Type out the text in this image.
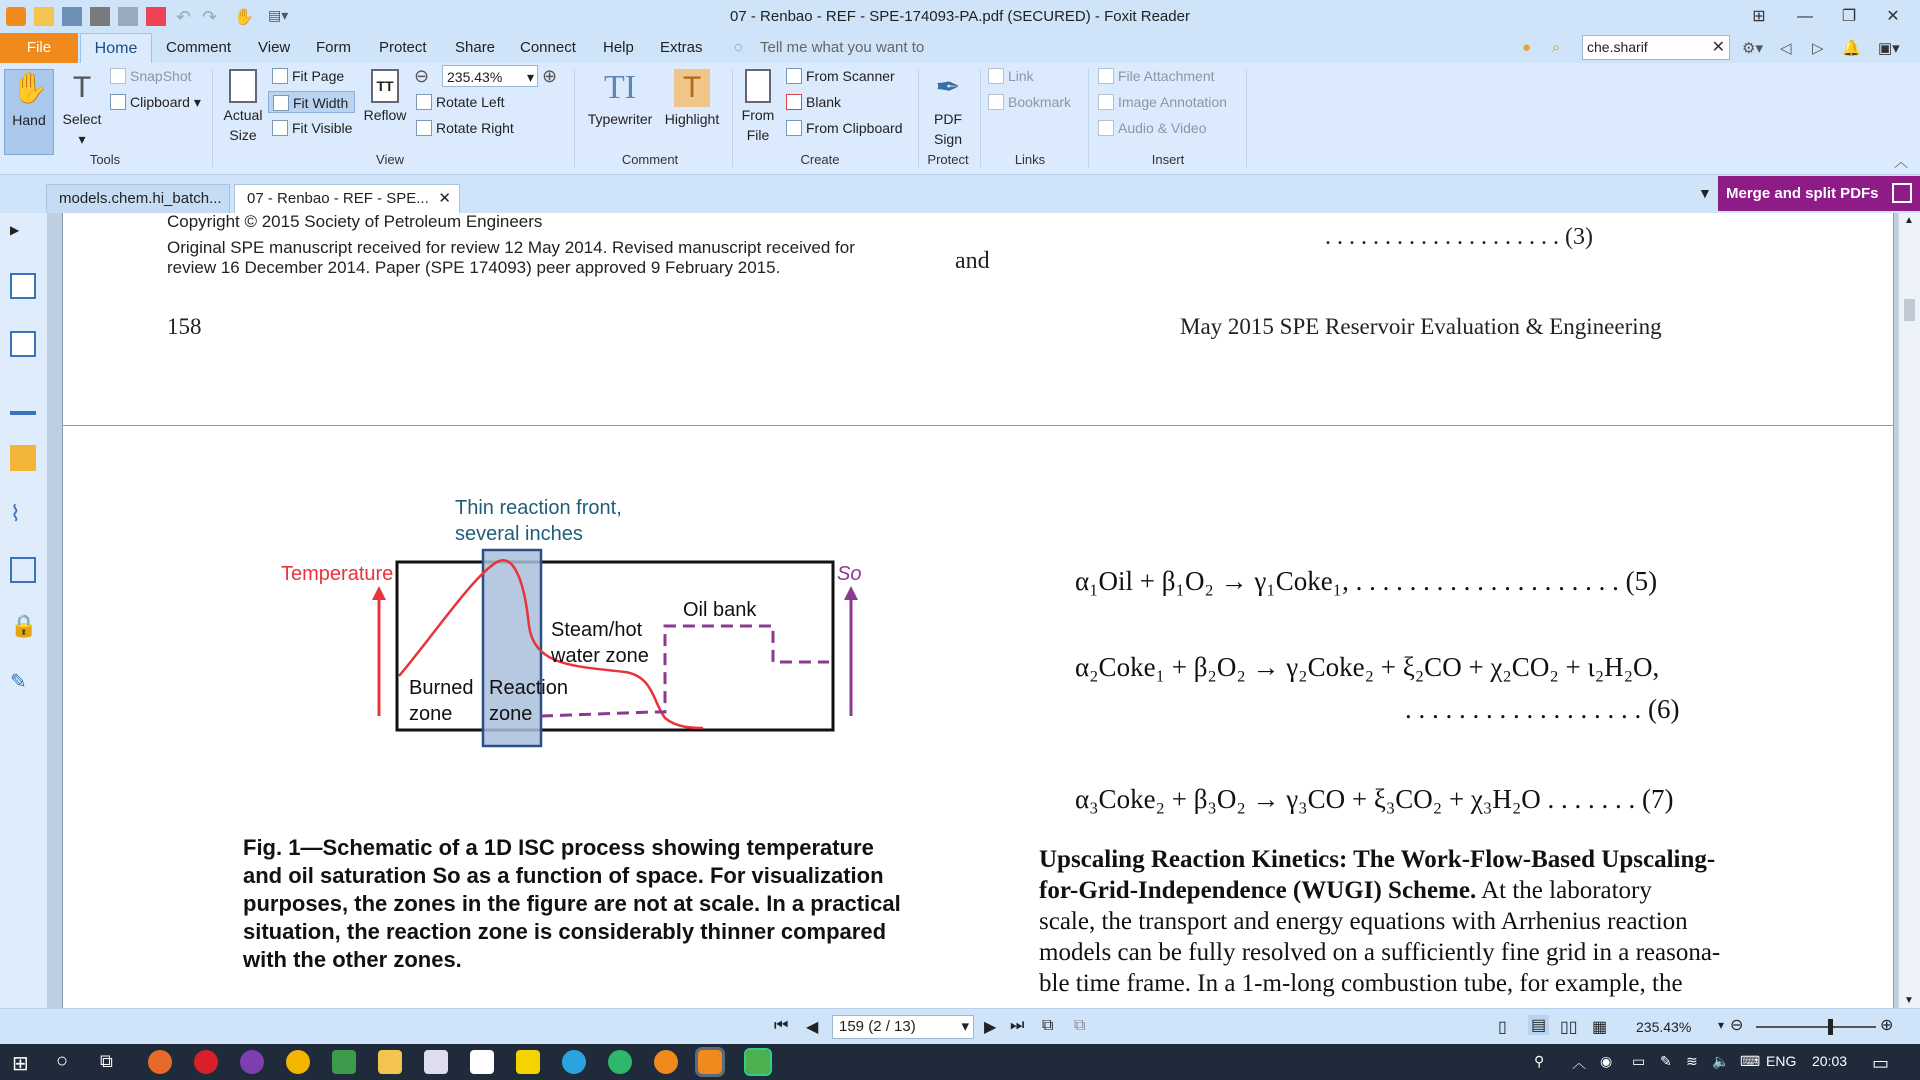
↶ ↷	✋ ▤▾	07 - Renbao - REF - SPE-174093-PA.pdf (SECURED) - Foxit Reader	⊞	—	❐	✕
Comment View Form Protect Share Connect Help Extras ◌ Tell me what you want to	● ⌕	⚙▾ ◁ ▷ 🔔 ▣▾
File	Home	che.sharif	✕
✋
Hand
T
Select
▾
SnapShot
Clipboard ▾
Tools
Actual
Size
Fit Page
Fit Width
Fit Visible
TT
Reflow
⊖	235.43% ▾ ⊕
Rotate Left
Rotate Right
View
TI
Typewriter
T
Highlight
Comment
From
File
From Scanner
Blank
From Clipboard
Create
✒
PDF
Sign
Protect
Link
Bookmark
Links
File Attachment
Image Annotation
Audio & Video
Insert	︿
models.chem.hi_batch...	07 - Renbao - REF - SPE... ✕	▼ Merge and split PDFs
▶
⌇
🔒
✎
Copyright © 2015 Society of Petroleum Engineers
Original SPE manuscript received for review 12 May 2014. Revised manuscript received for
review 16 December 2014. Paper (SPE 174093) peer approved 9 February 2015.	and
. . . . . . . . . . . . . . . . . . . . (3)
158	May 2015 SPE Reservoir Evaluation & Engineering
Thin reaction front,
several inches
Temperature	So
Oil bank
Steam/hot
water zone
Burned
zone
Reaction
zone
Fig. 1—Schematic of a 1D ISC process showing temperature
and oil saturation So as a function of space. For visualization
purposes, the zones in the figure are not at scale. In a practical
situation, the reaction zone is considerably thinner compared
with the other zones.
α₁Oil + β₁O₂ → γ₁Coke₁, . . . . . . . . . . . . . . . . . . . . (5)
α₂Coke₁ + β₂O₂ → γ₂Coke₂ + ξ₂CO + χ₂CO₂ + ι₂H₂O,
. . . . . . . . . . . . . . . . . . (6)
α₃Coke₂ + β₃O₂ → γ₃CO + ξ₃CO₂ + χ₃H₂O . . . . . . . (7)
Upscaling Reaction Kinetics: The Work-Flow-Based Upscaling-
for-Grid-Independence (WUGI) Scheme. At the laboratory
scale, the transport and energy equations with Arrhenius reaction
models can be fully resolved on a sufficiently fine grid in a reasona-
ble time frame. In a 1-m-long combustion tube, for example, the
▲
▼
⏮ ◀	159 (2 / 13)	▾ ▶ ⏭ ⧉ ⧉	▯ ▤ ▯▯ ▦ 235.43% ▾ ⊖	⊕
⊞ ○ ⧉	⚲ ︿ ◉ ▭ ✎ ≋ 🔈 ⌨ ENG 20:03 ▭
